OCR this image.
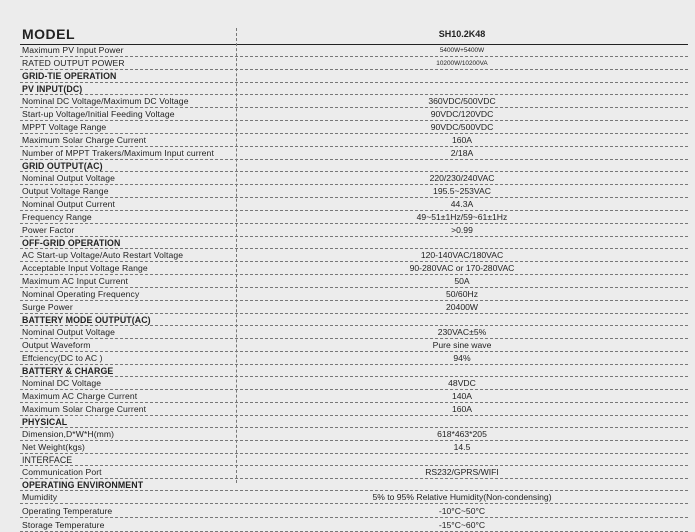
MODEL	SH10.2K48
Maximum PV Input Power	5400W+5400W
RATED OUTPUT POWER	10200W/10200VA
GRID-TIE OPERATION
PV INPUT(DC)
Nominal DC Voltage/Maximum DC Voltage	360VDC/500VDC
Start-up Voltage/Initial Feeding Voltage	90VDC/120VDC
MPPT Voltage Range	90VDC/500VDC
Maximum Solar Charge Current	160A
Number of MPPT Trakers/Maximum Input current	2/18A
GRID OUTPUT(AC)
Nominal Output Voltage	220/230/240VAC
Output Voltage Range	195.5~253VAC
Nominal Output Current	44.3A
Frequency Range	49~51±1Hz/59~61±1Hz
Power Factor	>0.99
OFF-GRID OPERATION
AC Start-up Voltage/Auto Restart Voltage	120-140VAC/180VAC
Acceptable Input Voltage Range	90-280VAC or 170-280VAC
Maximum AC Input Current	50A
Nominal Operating Frequency	50/60Hz
Surge Power	20400W
BATTERY MODE OUTPUT(AC)
Nominal Output Voltage	230VAC±5%
Output Waveform	Pure sine wave
Effciency(DC to AC )	94%
BATTERY & CHARGE
Nominal DC Voltage	48VDC
Maximum AC Charge Current	140A
Maximum Solar Charge Current	160A
PHYSICAL
Dimension,D*W*H(mm)	618*463*205
Net Weight(kgs)	14.5
INTERFACE
Communication Port	RS232/GPRS/WIFI
OPERATING ENVIRONMENT
Mumidity	5% to 95% Relative Humidity(Non-condensing)
Operating Temperature	-10°C~50°C
Storage Temperature	-15°C~60°C
